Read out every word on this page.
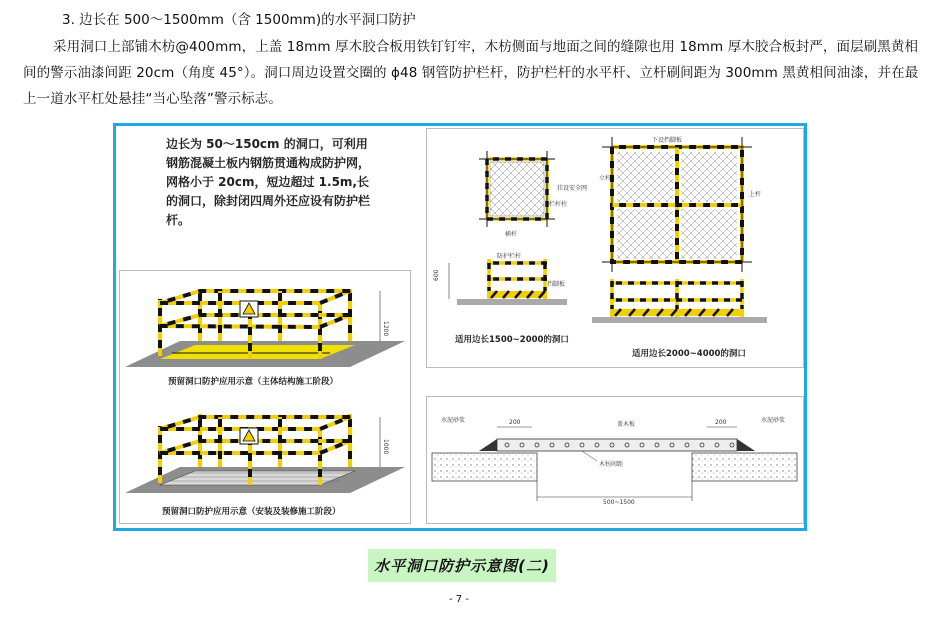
3. 边长在 500～1500mm（含 1500mm)的水平洞口防护
采用洞口上部铺木枋@400mm，上盖 18mm 厚木胶合板用铁钉钉牢，木枋侧面与地面之间的缝隙也用 18mm 厚木胶合板封严，面层刷黑黄相间的警示油漆间距 20cm（角度 45°）。洞口周边设置交圈的 ϕ48 钢管防护栏杆，防护栏杆的水平杆、立杆刷间距为 300mm 黑黄相间油漆，并在最上一道水平杠处悬挂“当心坠落”警示标志。
边长为 50～150cm 的洞口，可利用钢筋混凝土板内钢筋贯通构成防护网，网格小于 20cm，短边超过 1.5m,长的洞口，除封闭四周外还应设有防护栏杆。
1200
1000
预留洞口防护应用示意（主体结构施工阶段）
预留洞口防护应用示意（安装及装修施工阶段）
600
挂设安全网
栏杆柱
横杆
防护栏杆
挡脚板
下设挡脚板
立杆
上杆
适用边长1500~2000的洞口
适用边长2000~4000的洞口
水泥砂浆	水泥砂浆
盖木板
木枋间距
200	200
500~1500
水平洞口防护示意图(二)
- 7 -
